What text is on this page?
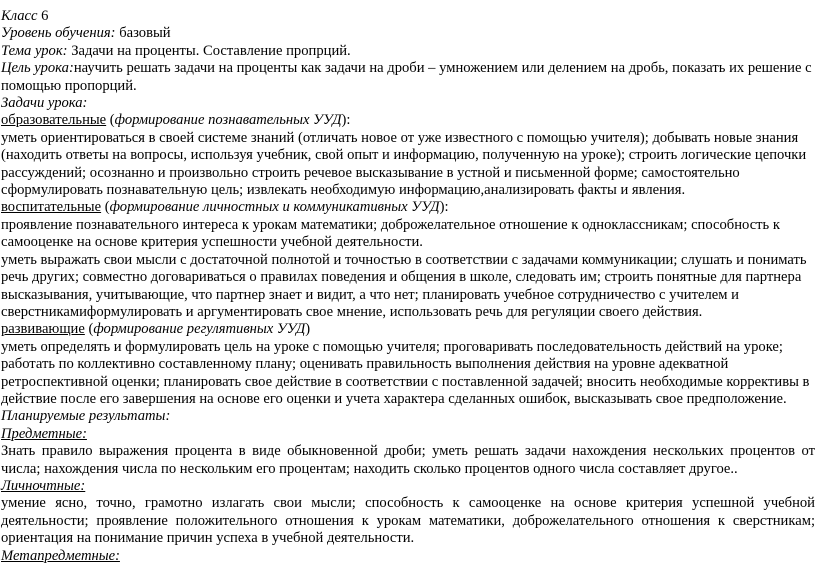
Класс 6

Уровень обучения: базовый

Тема урок: Задачи на проценты. Составление пропрций.

Цель урока:научить решать задачи на проценты как задачи на дроби – умножением или делением на дробь, показать их решение с помощью пропорций.

Задачи урока:

образовательные (формирование познавательных УУД):

уметь ориентироваться в своей системе знаний (отличать новое от уже известного с помощью учителя); добывать новые знания (находить ответы на вопросы, используя учебник, свой опыт и информацию, полученную на уроке); строить логические цепочки рассуждений; осознанно и произвольно строить речевое высказывание в устной и письменной форме; самостоятельно сформулировать познавательную цель; извлекать необходимую информацию,анализировать факты и явления.

воспитательные (формирование личностных и коммуникативных УУД):

проявление познавательного интереса к урокам математики; доброжелательное отношение к одноклассникам; способность к самооценке на основе критерия успешности учебной деятельности.

уметь выражать свои мысли с достаточной полнотой и точностью в соответствии с задачами коммуникации; слушать и понимать речь других; совместно договариваться о правилах поведения и общения в школе, следовать им; строить понятные для партнера высказывания, учитывающие, что партнер знает и видит, а что нет; планировать учебное сотрудничество с учителем и сверстникамиформулировать и аргументировать свое мнение, использовать речь для регуляции своего действия.

развивающие (формирование регулятивных УУД)

уметь определять и формулировать цель на уроке с помощью учителя; проговаривать последовательность действий на уроке; работать по коллективно составленному плану; оценивать правильность выполнения действия на уровне адекватной ретроспективной оценки; планировать свое действие в соответствии с поставленной задачей; вносить необходимые коррективы в действие после его завершения на основе его оценки и учета характера сделанных ошибок, высказывать свое предположение.

Планируемые результаты:

Предметные:

Знать правило выражения процента в виде обыкновенной дроби; уметь решать задачи нахождения нескольких процентов от числа; нахождения числа по нескольким его процентам; находить сколько процентов одного числа составляет другое..

Личночтные:

умение ясно, точно, грамотно излагать свои мысли; способность к самооценке на основе критерия успешной учебной деятельности; проявление положительного отношения к урокам математики, доброжелательного отношения к сверстникам; ориентация на понимание причин успеха в учебной деятельности.

Метапредметные:
